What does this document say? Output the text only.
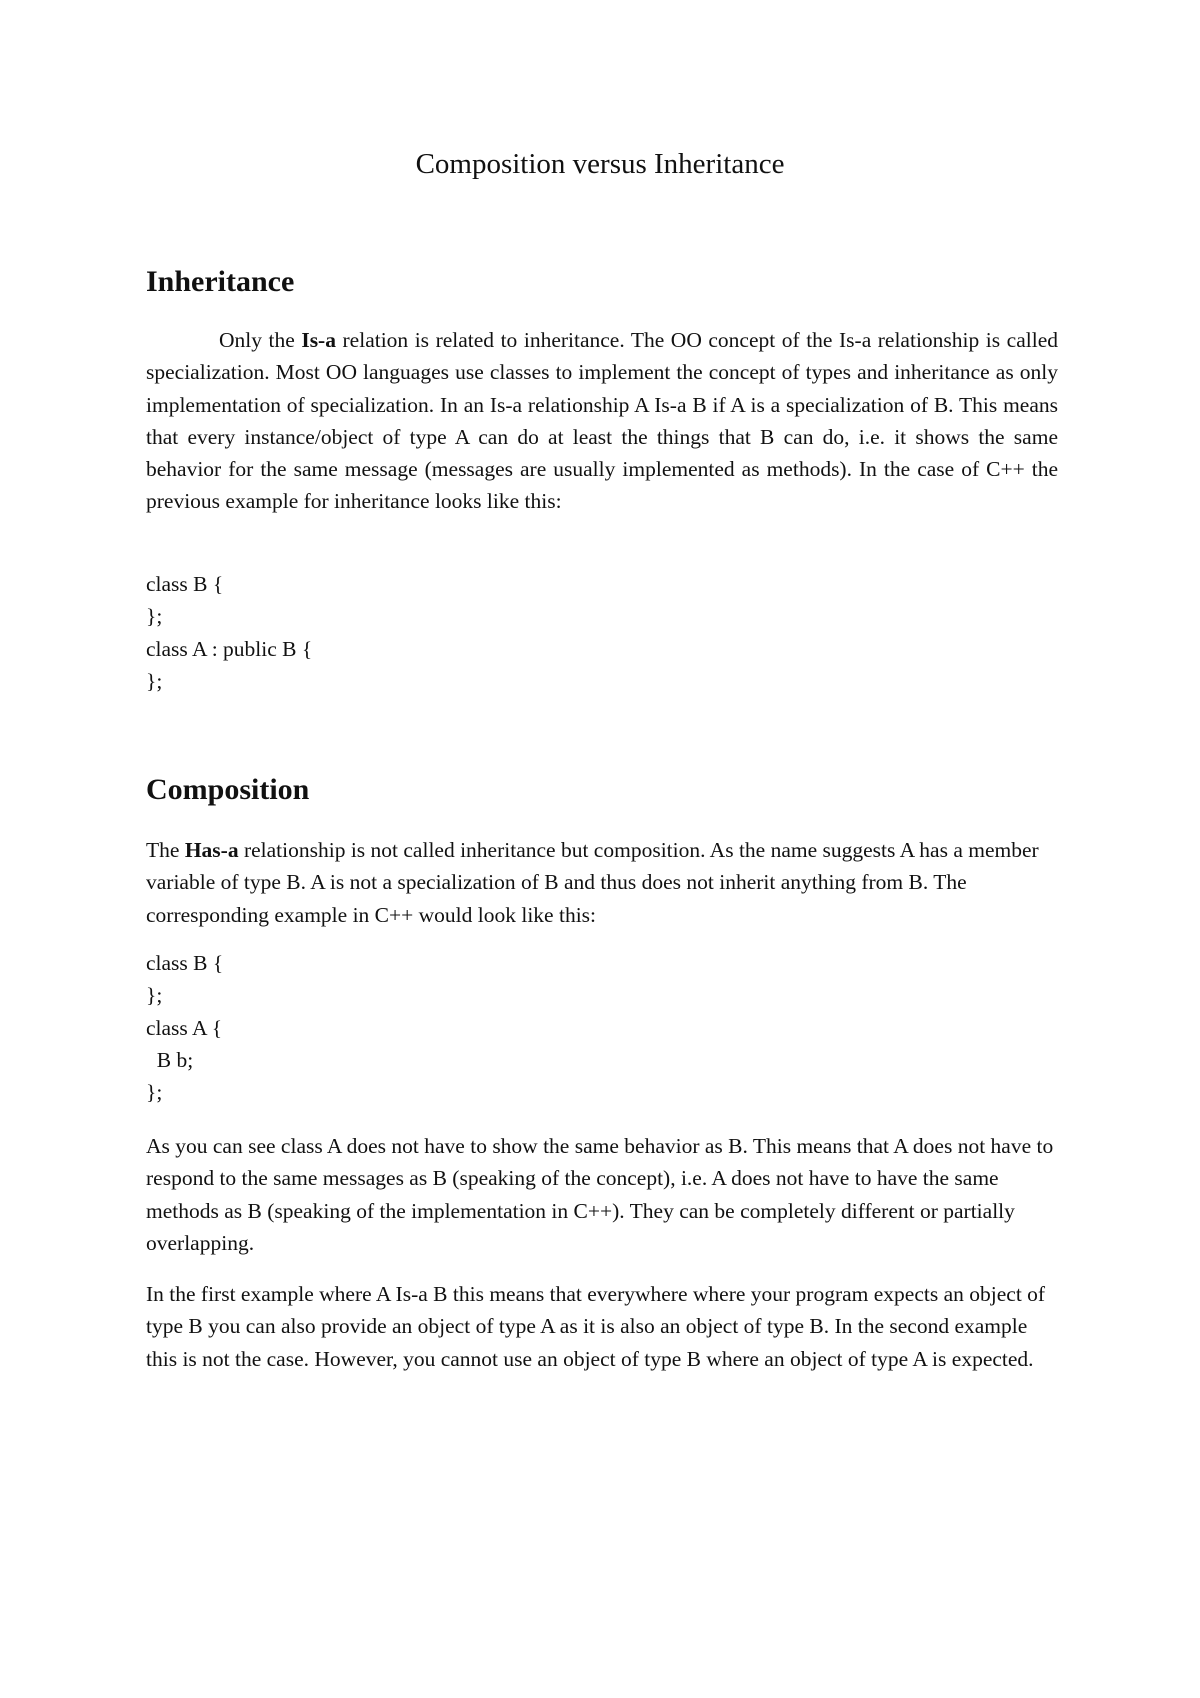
Composition versus Inheritance
Inheritance

Only the Is-a relation is related to inheritance. The OO concept of the Is-a relationship is called specialization. Most OO languages use classes to implement the concept of types and inheritance as only implementation of specialization. In an Is-a relationship A Is-a B if A is a specialization of B. This means that every instance/object of type A can do at least the things that B can do, i.e. it shows the same behavior for the same message (messages are usually implemented as methods). In the case of C++ the previous example for inheritance looks like this:

class B {
};
class A : public B {
};
Composition

The Has-a relationship is not called inheritance but composition. As the name suggests A has a member variable of type B. A is not a specialization of B and thus does not inherit anything from B. The corresponding example in C++ would look like this:

class B {
};
class A {
B b;
};

As you can see class A does not have to show the same behavior as B. This means that A does not have to respond to the same messages as B (speaking of the concept), i.e. A does not have to have the same methods as B (speaking of the implementation in C++). They can be completely different or partially overlapping.

In the first example where A Is-a B this means that everywhere where your program expects an object of type B you can also provide an object of type A as it is also an object of type B. In the second example this is not the case. However, you cannot use an object of type B where an object of type A is expected.
